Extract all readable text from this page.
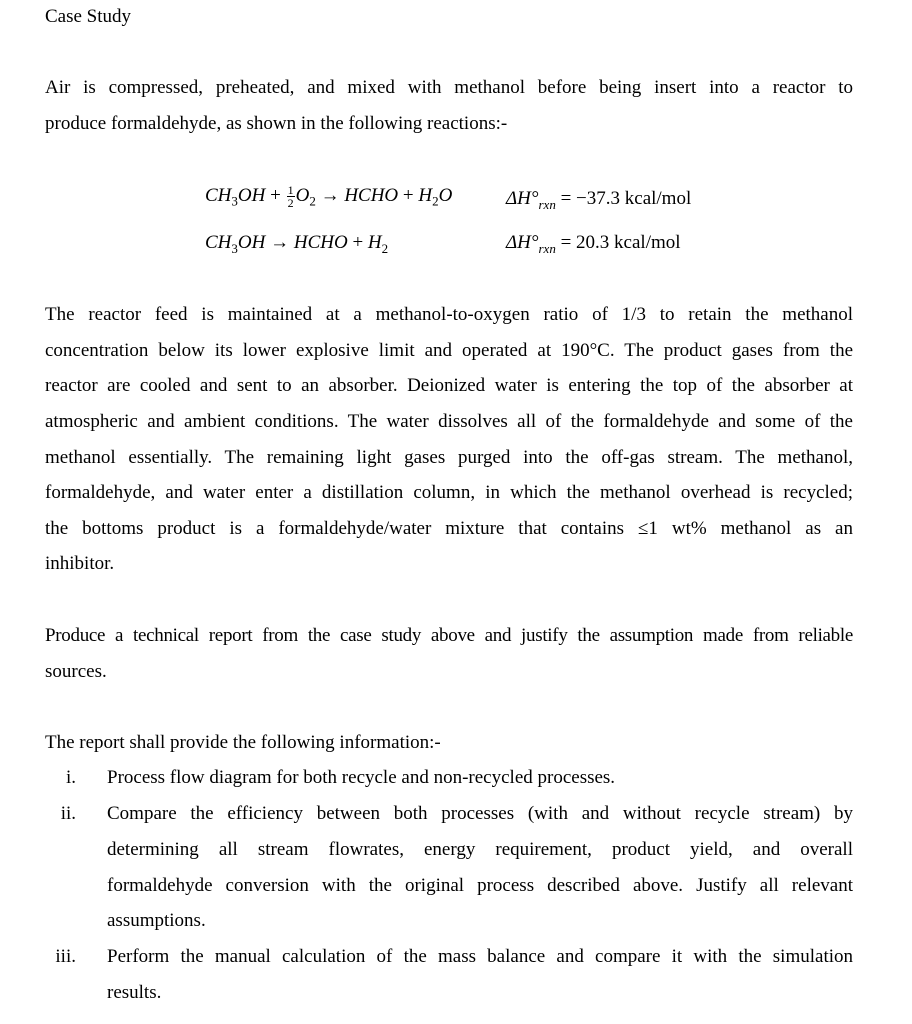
Case Study
Air is compressed, preheated, and mixed with methanol before being insert into a reactor to
produce formaldehyde, as shown in the following reactions:-
$CH_3OH + \frac{1}{2} O_2$ → HCHO + $H_2O$	$\Delta H^\circ_{rxn} = -37.3$ kcal/mol
$CH_3OH$ → HCHO + $H_2$	$\Delta H^\circ_{rxn} = 20.3$ kcal/mol
The reactor feed is maintained at a methanol-to-oxygen ratio of 1/3 to retain the methanol
concentration below its lower explosive limit and operated at 190°C. The product gases from the
reactor are cooled and sent to an absorber. Deionized water is entering the top of the absorber at
atmospheric and ambient conditions. The water dissolves all of the formaldehyde and some of the
methanol essentially. The remaining light gases purged into the off-gas stream. The methanol,
formaldehyde, and water enter a distillation column, in which the methanol overhead is recycled;
the bottoms product is a formaldehyde/water mixture that contains ≤1 wt% methanol as an
inhibitor.
Produce a technical report from the case study above and justify the assumption made from reliable
sources.
The report shall provide the following information:-
i. Process flow diagram for both recycle and non-recycled processes.
ii. Compare the efficiency between both processes (with and without recycle stream) by
determining all stream flowrates, energy requirement, product yield, and overall
formaldehyde conversion with the original process described above. Justify all relevant
assumptions.
iii. Perform the manual calculation of the mass balance and compare it with the simulation
results.
